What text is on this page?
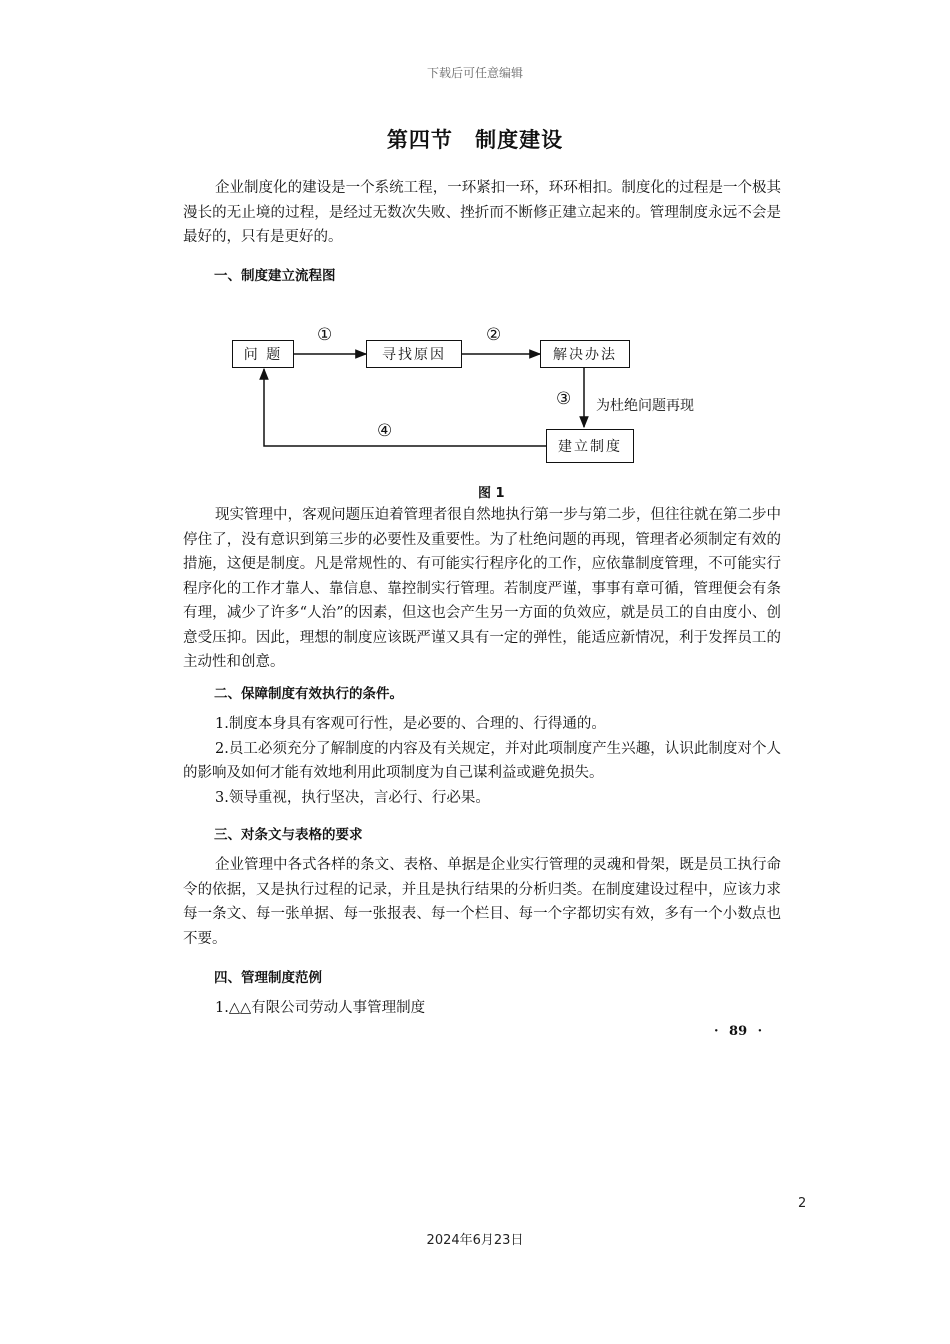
下载后可任意编辑
第四节 制度建设
企业制度化的建设是一个系统工程，一环紧扣一环，环环相扣。制度化的过程是一个极其漫长的无止境的过程，是经过无数次失败、挫折而不断修正建立起来的。管理制度永远不会是最好的，只有是更好的。
一、制度建立流程图
问 题	寻找原因	解决办法
建立制度
①	②
③ 为杜绝问题再现
④
图 1
现实管理中，客观问题压迫着管理者很自然地执行第一步与第二步，但往往就在第二步中停住了，没有意识到第三步的必要性及重要性。为了杜绝问题的再现，管理者必须制定有效的措施，这便是制度。凡是常规性的、有可能实行程序化的工作，应依靠制度管理，不可能实行程序化的工作才靠人、靠信息、靠控制实行管理。若制度严谨，事事有章可循，管理便会有条有理，减少了许多“人治”的因素，但这也会产生另一方面的负效应，就是员工的自由度小、创意受压抑。因此，理想的制度应该既严谨又具有一定的弹性，能适应新情况，利于发挥员工的主动性和创意。
二、保障制度有效执行的条件。
1.制度本身具有客观可行性，是必要的、合理的、行得通的。
2.员工必须充分了解制度的内容及有关规定，并对此项制度产生兴趣，认识此制度对个人的影响及如何才能有效地利用此项制度为自己谋利益或避免损失。
3.领导重视，执行坚决，言必行、行必果。
三、对条文与表格的要求
企业管理中各式各样的条文、表格、单据是企业实行管理的灵魂和骨架，既是员工执行命令的依据，又是执行过程的记录，并且是执行结果的分析归类。在制度建设过程中，应该力求每一条文、每一张单据、每一张报表、每一个栏目、每一个字都切实有效，多有一个小数点也不要。
四、管理制度范例
1.△△有限公司劳动人事管理制度
· 89 ·
2
2024年6月23日
